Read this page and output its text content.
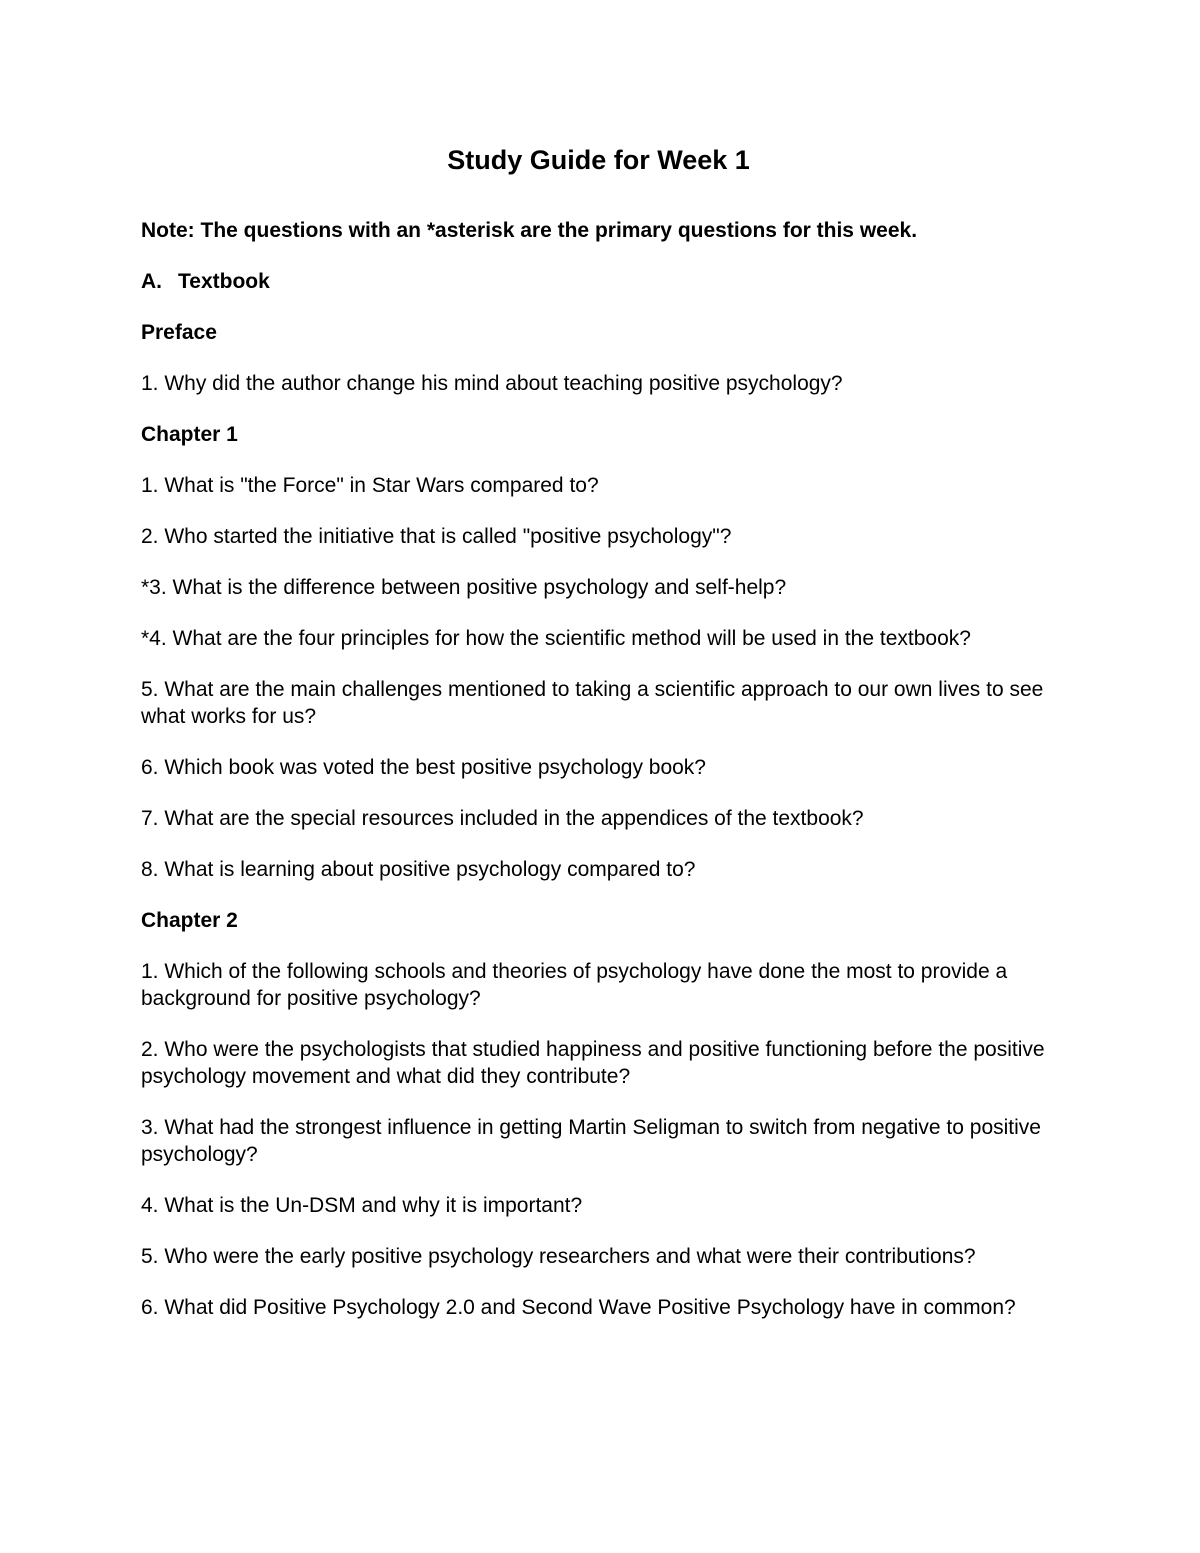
Study Guide for Week 1

Note: The questions with an *asterisk are the primary questions for this week.

A. Textbook

Preface

1. Why did the author change his mind about teaching positive psychology?

Chapter 1

1. What is "the Force" in Star Wars compared to?

2. Who started the initiative that is called "positive psychology"?

*3. What is the difference between positive psychology and self-help?

*4. What are the four principles for how the scientific method will be used in the textbook?

5. What are the main challenges mentioned to taking a scientific approach to our own lives to see what works for us?

6. Which book was voted the best positive psychology book?

7. What are the special resources included in the appendices of the textbook?

8. What is learning about positive psychology compared to?

Chapter 2

1. Which of the following schools and theories of psychology have done the most to provide a background for positive psychology?

2. Who were the psychologists that studied happiness and positive functioning before the positive psychology movement and what did they contribute?

3. What had the strongest influence in getting Martin Seligman to switch from negative to positive psychology?

4. What is the Un-DSM and why it is important?

5. Who were the early positive psychology researchers and what were their contributions?

6. What did Positive Psychology 2.0 and Second Wave Positive Psychology have in common?
